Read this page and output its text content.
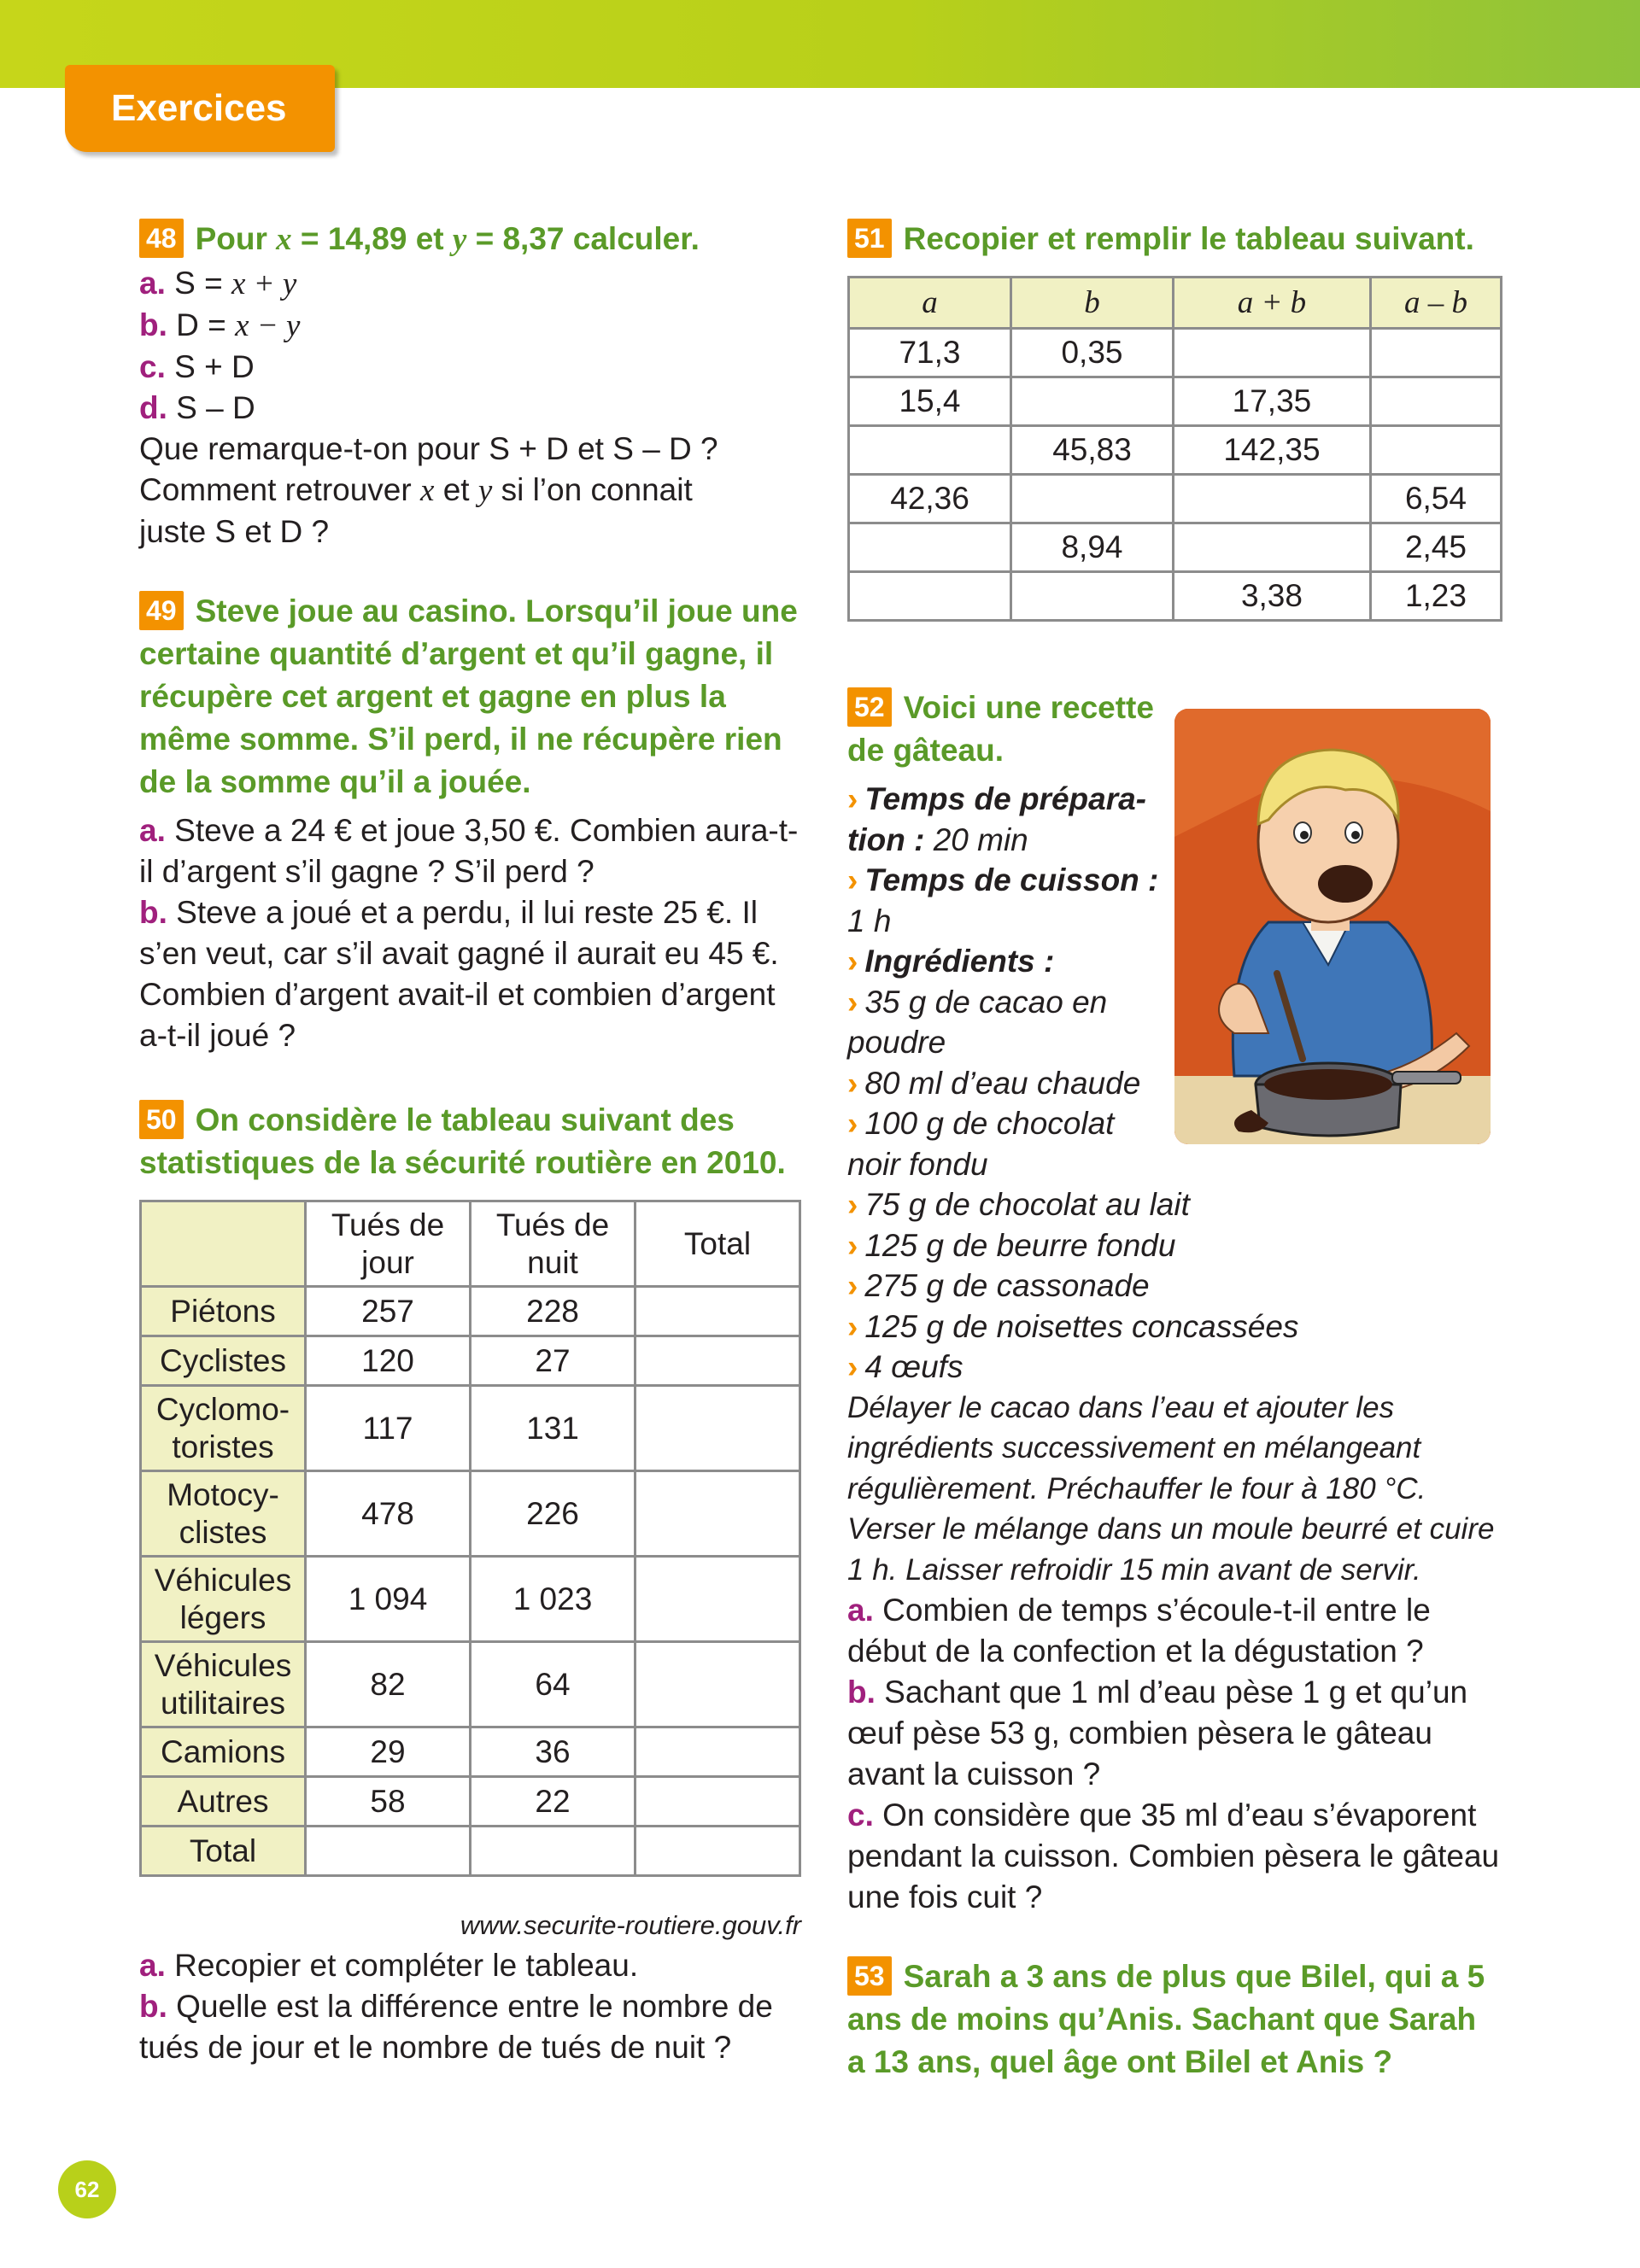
Exercices
48 Pour x = 14,89 et y = 8,37 calculer.
a. S = x + y
b. D = x − y
c. S + D
d. S – D
Que remarque-t-on pour S + D et S – D ?
Comment retrouver x et y si l’on connait
juste S et D ?
49 Steve joue au casino. Lorsqu’il joue une certaine quantité d’argent et qu’il gagne, il récupère cet argent et gagne en plus la même somme. S’il perd, il ne récupère rien de la somme qu’il a jouée.
a. Steve a 24 € et joue 3,50 €. Combien aura-t-il d’argent s’il gagne ? S’il perd ?
b. Steve a joué et a perdu, il lui reste 25 €. Il s’en veut, car s’il avait gagné il aurait eu 45 €. Combien d’argent avait-il et combien d’argent a-t-il joué ?
50 On considère le tableau suivant des statistiques de la sécurité routière en 2010.
	Tués de jour	Tués de nuit	Total
Piétons	257	228	
Cyclistes	120	27	
Cyclomo-toristes	117	131	
Motocy-clistes	478	226	
Véhicules légers	1 094	1 023	
Véhicules utilitaires	82	64	
Camions	29	36	
Autres	58	22	
Total			
www.securite-routiere.gouv.fr
a. Recopier et compléter le tableau.
b. Quelle est la différence entre le nombre de tués de jour et le nombre de tués de nuit ?
51 Recopier et remplir le tableau suivant.
a	b	a + b	a – b
71,3	0,35		
15,4		17,35	
	45,83	142,35	
42,36			6,54
	8,94		2,45
		3,38	1,23
52 Voici une recette de gâteau.
› Temps de prépara-tion : 20 min
› Temps de cuisson :
1 h
› Ingrédients :
› 35 g de cacao en poudre
› 80 ml d’eau chaude
› 100 g de chocolat noir fondu
› 75 g de chocolat au lait
› 125 g de beurre fondu
› 275 g de cassonade
› 125 g de noisettes concassées
› 4 œufs
Délayer le cacao dans l’eau et ajouter les ingrédients successivement en mélangeant régulièrement. Préchauffer le four à 180 °C. Verser le mélange dans un moule beurré et cuire 1 h. Laisser refroidir 15 min avant de servir.
a. Combien de temps s’écoule-t-il entre le début de la confection et la dégustation ?
b. Sachant que 1 ml d’eau pèse 1 g et qu’un œuf pèse 53 g, combien pèsera le gâteau avant la cuisson ?
c. On considère que 35 ml d’eau s’évaporent pendant la cuisson. Combien pèsera le gâteau une fois cuit ?
53 Sarah a 3 ans de plus que Bilel, qui a 5 ans de moins qu’Anis. Sachant que Sarah a 13 ans, quel âge ont Bilel et Anis ?
62
